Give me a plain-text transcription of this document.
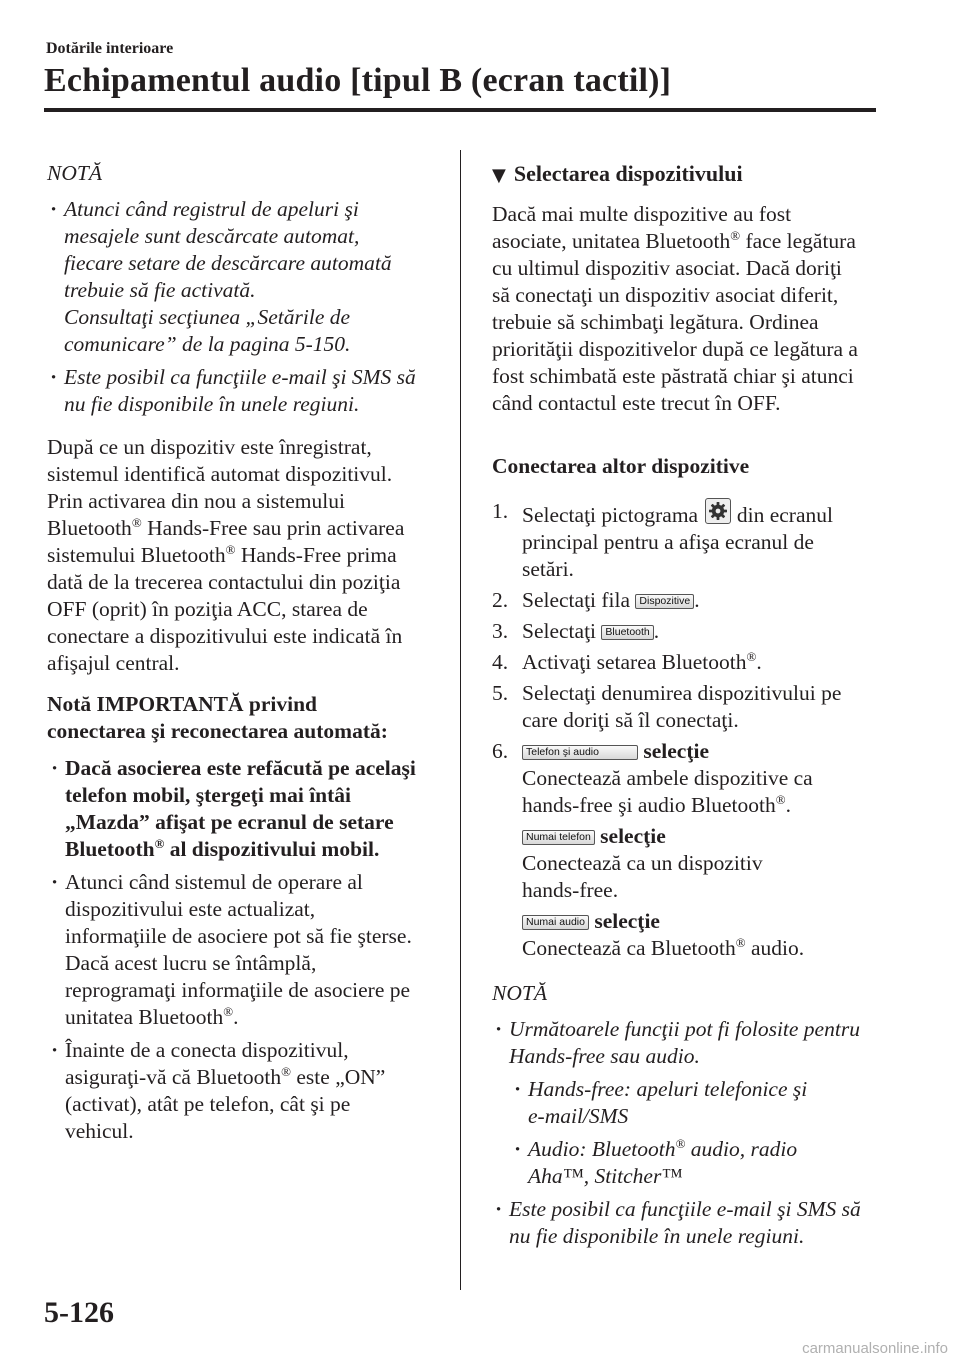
Dotările interioare
Echipamentul audio [tipul B (ecran tactil)]
NOTĂ
· Atunci când registrul de apeluri şi
mesajele sunt descărcate automat,
fiecare setare de descărcare automată
trebuie să fie activată.
Consultaţi secţiunea „Setările de
comunicare” de la pagina 5-150.
· Este posibil ca funcţiile e-mail şi SMS să
nu fie disponibile în unele regiuni.

După ce un dispozitiv este înregistrat,
sistemul identifică automat dispozitivul.
Prin activarea din nou a sistemului
Bluetooth® Hands-Free sau prin activarea
sistemului Bluetooth® Hands-Free prima
dată de la trecerea contactului din poziţia
OFF (oprit) în poziţia ACC, starea de
conectare a dispozitivului este indicată în
afişajul central.

Notă IMPORTANTĂ privind
conectarea şi reconectarea automată:

· Dacă asocierea este refăcută pe acelaşi
telefon mobil, ştergeţi mai întâi
„Mazda” afişat pe ecranul de setare
Bluetooth® al dispozitivului mobil.
· Atunci când sistemul de operare al
dispozitivului este actualizat,
informaţiile de asociere pot să fie şterse.
Dacă acest lucru se întâmplă,
reprogramaţi informaţiile de asociere pe
unitatea Bluetooth®.
· Înainte de a conecta dispozitivul,
asiguraţi-vă că Bluetooth® este „ON”
(activat), atât pe telefon, cât şi pe
vehicul.
▼ Selectarea dispozitivului

Dacă mai multe dispozitive au fost
asociate, unitatea Bluetooth® face legătura
cu ultimul dispozitiv asociat. Dacă doriţi
să conectaţi un dispozitiv asociat diferit,
trebuie să schimbaţi legătura. Ordinea
priorităţii dispozitivelor după ce legătura a
fost schimbată este păstrată chiar şi atunci
când contactul este trecut în OFF.

Conectarea altor dispozitive
1. Selectaţi pictograma din ecranul
principal pentru a afişa ecranul de
setări.
2. Selectaţi fila Dispozitive .
3. Selectaţi Bluetooth .
4. Activaţi setarea Bluetooth®.
5. Selectaţi denumirea dispozitivului pe
care doriţi să îl conectaţi.
6. Telefon şi audio selecţie
Conectează ambele dispozitive ca
hands-free şi audio Bluetooth®.
Numai telefon selecţie
Conectează ca un dispozitiv
hands-free.
Numai audio selecţie
Conectează ca Bluetooth® audio.
NOTĂ
· Următoarele funcţii pot fi folosite pentru
Hands-free sau audio.
· Hands-free: apeluri telefonice şi
e-mail/SMS
· Audio: Bluetooth® audio, radio
Aha™, Stitcher™
· Este posibil ca funcţiile e-mail şi SMS să
nu fie disponibile în unele regiuni.
5-126
carmanualsonline.info
